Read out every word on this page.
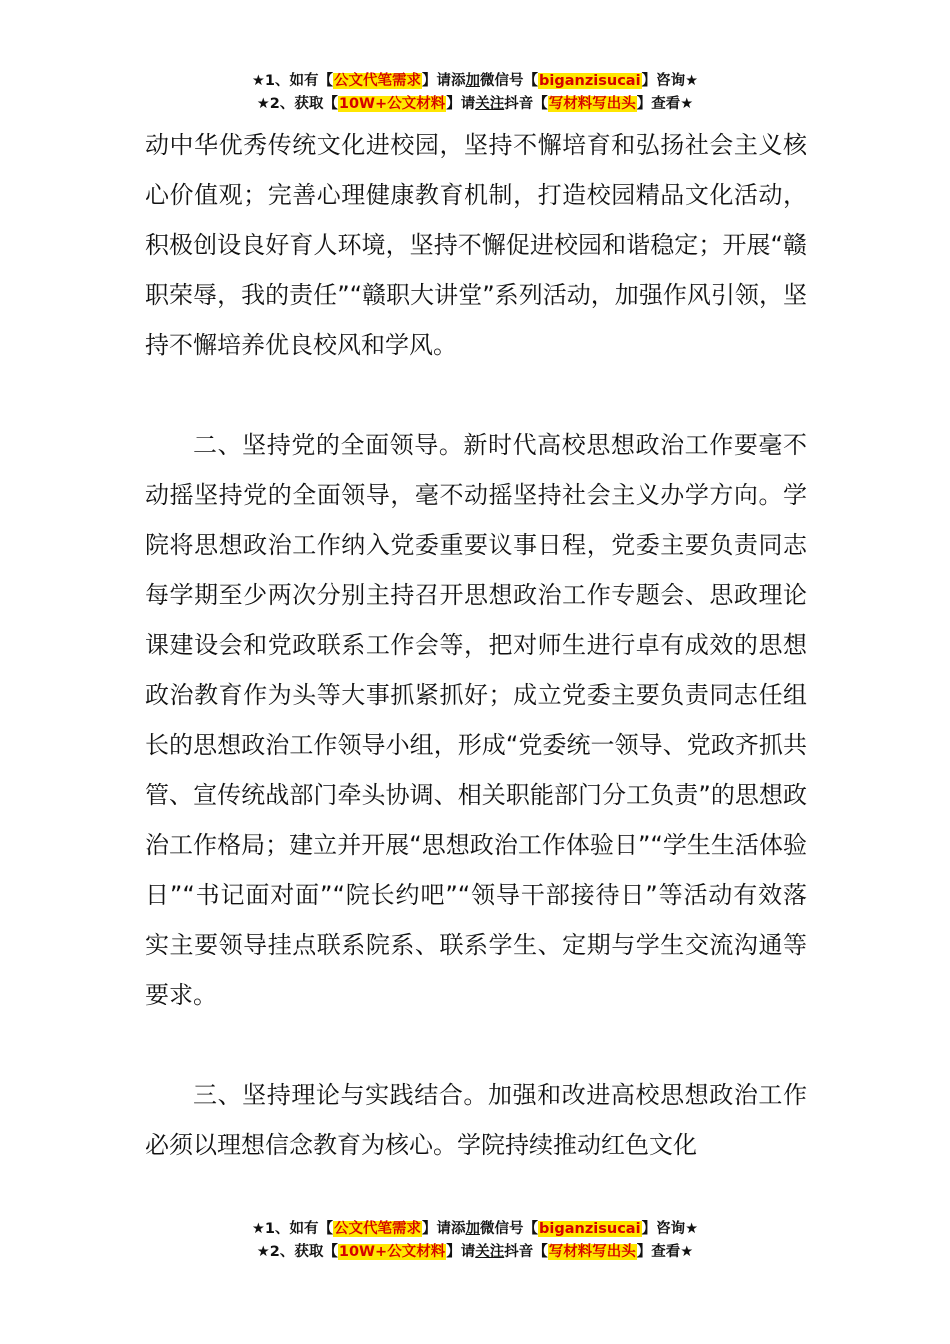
★1、如有【公文代笔需求】请添加微信号【biganzisucai】咨询★
★2、获取【10W+公文材料】请关注抖音【写材料写出头】查看★

动中华优秀传统文化进校园，坚持不懈培育和弘扬社会主义核心价值观；完善心理健康教育机制，打造校园精品文化活动，积极创设良好育人环境，坚持不懈促进校园和谐稳定；开展“赣职荣辱，我的责任”“赣职大讲堂”系列活动，加强作风引领，坚持不懈培养优良校风和学风。

二、坚持党的全面领导。新时代高校思想政治工作要毫不动摇坚持党的全面领导，毫不动摇坚持社会主义办学方向。学院将思想政治工作纳入党委重要议事日程，党委主要负责同志每学期至少两次分别主持召开思想政治工作专题会、思政理论课建设会和党政联系工作会等，把对师生进行卓有成效的思想政治教育作为头等大事抓紧抓好；成立党委主要负责同志任组长的思想政治工作领导小组，形成“党委统一领导、党政齐抓共管、宣传统战部门牵头协调、相关职能部门分工负责”的思想政治工作格局；建立并开展“思想政治工作体验日”“学生生活体验日”“书记面对面”“院长约吧”“领导干部接待日”等活动有效落实主要领导挂点联系院系、联系学生、定期与学生交流沟通等要求。

三、坚持理论与实践结合。加强和改进高校思想政治工作必须以理想信念教育为核心。学院持续推动红色文化

★1、如有【公文代笔需求】请添加微信号【biganzisucai】咨询★
★2、获取【10W+公文材料】请关注抖音【写材料写出头】查看★
